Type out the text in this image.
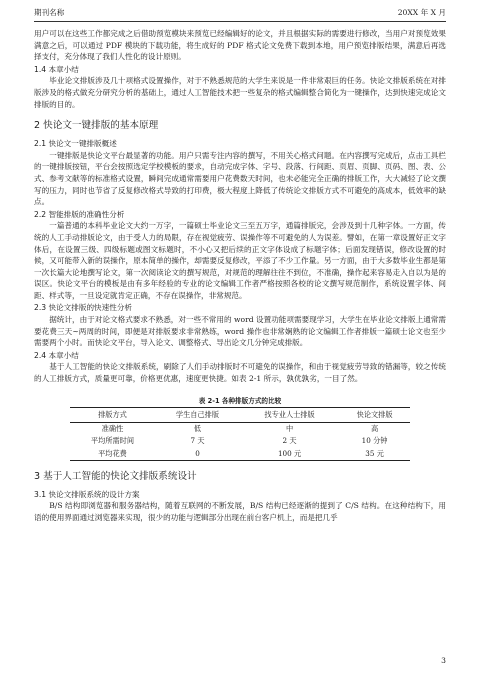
期刊名称	20XX 年 X 月

用户可以在这些工作都完成之后借助预览模块来预览已经编辑好的论文，并且根据实际的需要进行修改，当用户对预览效果满意之后，可以通过 PDF 模块的下载功能，将生成好的 PDF 格式论文免费下载到本地，用户预览排版结果，满意后再选择支付，充分体现了我们人性化的设计原则。

1.4 本章小结

毕业论文排版涉及几十项格式设置操作，对于不熟悉规范的大学生来说是一件非常艰巨的任务。快论文排版系统在对排版涉及的格式做充分研究分析的基础上，通过人工智能技术把一些复杂的格式编辑整合简化为一键操作，达到快速完成论文排版的目的。

2 快论文一键排版的基本原理
2.1 快论文一键排版概述

一键排版是快论文平台最显著的功能。用户只需专注内容的撰写，不用关心格式问题。在内容撰写完成后，点击工具栏的一键排版按钮，平台会按照选定学校模板的要求，自动完成字体、字号、段落、行间距、页眉、页脚、页码、图、表、公式、参考文献等的标准格式设置，瞬间完成通常需要用户花费数天时间，也未必能完全正确的排版工作，大大减轻了论文撰写的压力，同时也节省了反复修改格式导致的打印费，极大程度上降低了传统论文排版方式不可避免的高成本，低效率的缺点。

2.2 智能排版的准确性分析

一篇普通的本科毕业论文大约一万字，一篇硕士毕业论文三至五万字，通篇排版完，会涉及到十几种字体。一方面，传统的人工手动排版论文，由于受人力的局限，存在视觉疲劳、误操作等不可避免的人为误差。譬如，在第一章设置好正文字体后，在设置三级、四级标题或图文标题时，不小心又把后续的正文字体设成了标题字体；后面发现错误，修改设置的时候，又可能带入新的误操作，原本简单的操作，却需要反复修改，平添了不少工作量。另一方面，由于大多数毕业生都是第一次长篇大论地撰写论文，第一次阅读论文的撰写规范，对规范的理解往往不到位，不准确，操作起来容易走入自以为是的误区。快论文平台的模板是由有多年经验的专业的论文编辑工作者严格按照各校的论文撰写规范制作，系统设置字体、间距、样式等，一旦设定就肯定正确，不存在误操作，非常规范。

2.3 快论文排版的快速性分析

据统计，由于对论文格式要求不熟悉，对一些不常用的 word 设置功能项需要现学习，大学生在毕业论文排版上通常需要花费三天~两周的时间，即便是对排版要求非常熟练，word 操作也非常娴熟的论文编辑工作者排版一篇硕士论文也至少需要两个小时。而快论文平台，导入论文、调整格式、导出论文几分钟完成排版。

2.4 本章小结

基于人工智能的快论文排版系统，刷除了人们手动排版时不可避免的误操作，和由于视觉疲劳导致的错漏等，较之传统的人工排版方式，质量更可靠，价格更优惠，速度更快捷。如表 2-1 所示，孰优孰劣，一目了然。

表 2-1 各种排版方式的比较
排版方式	学生自己排版	找专业人士排版	快论文排版
准确性	低	中	高
平均所需时间	7 天	2 天	10 分钟
平均花费	0	100 元	35 元
3 基于人工智能的快论文排版系统设计
3.1 快论文排版系统的设计方案

B/S 结构即浏览器和服务器结构，随着互联网的不断发展，B/S 结构已经逐渐的提到了 C/S 结构。在这种结构下，用语的使用界面通过浏览器来实现，很少的功能与逻辑部分出现在前台客户机上，而是把几乎

3
